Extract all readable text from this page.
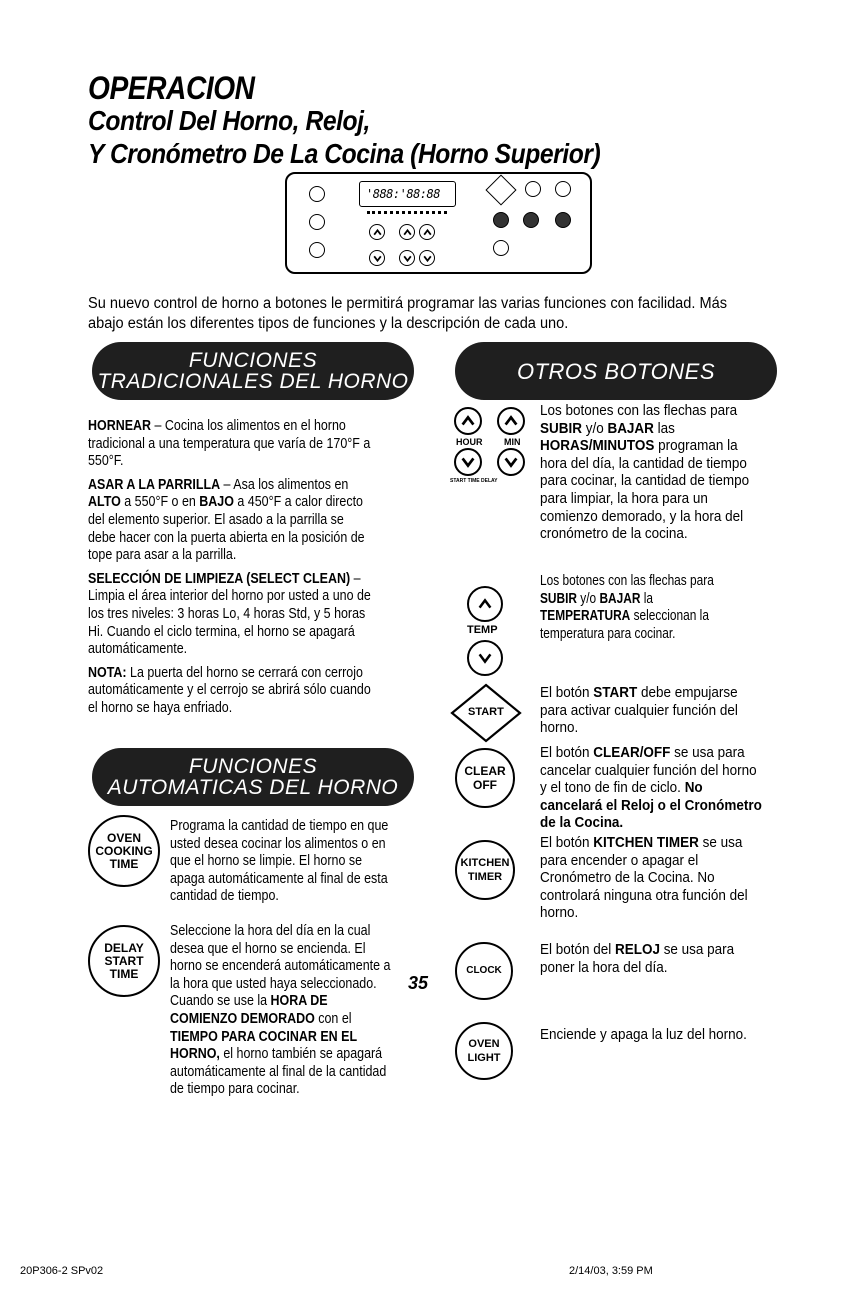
OPERACION
Control Del Horno, Reloj,
Y Cronómetro De La Cocina (Horno Superior)
'888:'88:88
Su nuevo control de horno a botones le permitirá programar las varias funciones con facilidad. Más abajo están los diferentes tipos de funciones y la descripción de cada uno.
FUNCIONES
TRADICIONALES DEL HORNO	OTROS BOTONES
FUNCIONES
AUTOMATICAS DEL HORNO

HORNEAR – Cocina los alimentos en el horno tradicional a una temperatura que varía de 170°F a 550°F.

ASAR A LA PARRILLA – Asa los alimentos en ALTO a 550°F o en BAJO a 450°F a calor directo del elemento superior. El asado a la parrilla se debe hacer con la puerta abierta en la posición de tope para asar a la parrilla.

SELECCIÓN DE LIMPIEZA (SELECT CLEAN) – Limpia el área interior del horno por usted a uno de los tres niveles: 3 horas Lo, 4 horas Std, y 5 horas Hi. Cuando el ciclo termina, el horno se apagará automáticamente.

NOTA: La puerta del horno se cerrará con cerrojo automáticamente y el cerrojo se abrirá sólo cuando el horno se haya enfriado.

OVEN
COOKING
TIME
Programa la cantidad de tiempo en que usted desea cocinar los alimentos o en que el horno se limpie. El horno se apaga automáticamente al final de esta cantidad de tiempo.
DELAY
START
TIME
Seleccione la hora del día en la cual desea que el horno se encienda. El horno se encenderá automáticamente a la hora que usted haya seleccionado. Cuando se use la HORA DE COMIENZO DEMORADO con el TIEMPO PARA COCINAR EN EL HORNO, el horno también se apagará automáticamente al final de la cantidad de tiempo para cocinar.
HOUR MIN
START TIME DELAY
Los botones con las flechas para SUBIR y/o BAJAR las HORAS/MINUTOS programan la hora del día, la cantidad de tiempo para cocinar, la cantidad de tiempo para limpiar, la hora para un comienzo demorado, y la hora del cronómetro de la cocina.
TEMP
Los botones con las flechas para SUBIR y/o BAJAR la TEMPERATURA seleccionan la temperatura para cocinar.
START
El botón START debe empujarse para activar cualquier función del horno.
CLEAR
OFF
El botón CLEAR/OFF se usa para cancelar cualquier función del horno y el tono de fin de ciclo. No cancelará el Reloj o el Cronómetro de la Cocina.
KITCHEN
TIMER
El botón KITCHEN TIMER se usa para encender o apagar el Cronómetro de la Cocina. No controlará ninguna otra función del horno.
CLOCK
El botón del RELOJ se usa para poner la hora del día.
OVEN
LIGHT
Enciende y apaga la luz del horno.
35
20P306-2 SPv02	2/14/03, 3:59 PM
